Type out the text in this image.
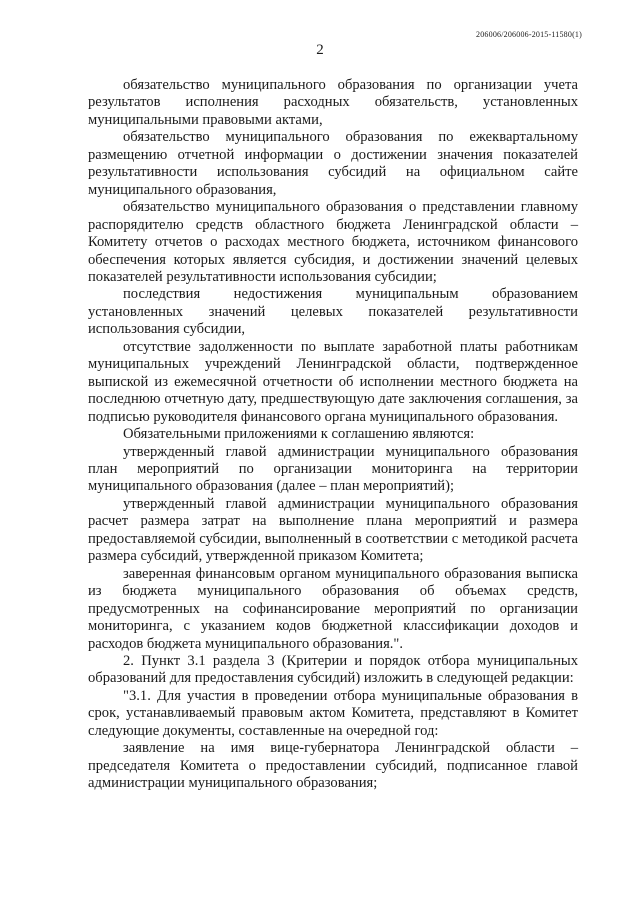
206006/206006-2015-11580(1)
2

обязательство муниципального образования по организации учета результатов исполнения расходных обязательств, установленных муниципальными правовыми актами,

обязательство муниципального образования по ежеквартальному размещению отчетной информации о достижении значения показателей результативности использования субсидий на официальном сайте муниципального образования,

обязательство муниципального образования о представлении главному распорядителю средств областного бюджета Ленинградской области – Комитету отчетов о расходах местного бюджета, источником финансового обеспечения которых является субсидия, и достижении значений целевых показателей результативности использования субсидии;

последствия недостижения муниципальным образованием установленных значений целевых показателей результативности использования субсидии,

отсутствие задолженности по выплате заработной платы работникам муниципальных учреждений Ленинградской области, подтвержденное выпиской из ежемесячной отчетности об исполнении местного бюджета на последнюю отчетную дату, предшествующую дате заключения соглашения, за подписью руководителя финансового органа муниципального образования.

Обязательными приложениями к соглашению являются:

утвержденный главой администрации муниципального образования план мероприятий по организации мониторинга на территории муниципального образования (далее – план мероприятий);

утвержденный главой администрации муниципального образования расчет размера затрат на выполнение плана мероприятий и размера предоставляемой субсидии, выполненный в соответствии с методикой расчета размера субсидий, утвержденной приказом Комитета;

заверенная финансовым органом муниципального образования выписка из бюджета муниципального образования об объемах средств, предусмотренных на софинансирование мероприятий по организации мониторинга, с указанием кодов бюджетной классификации доходов и расходов бюджета муниципального образования.".

2. Пункт 3.1 раздела 3 (Критерии и порядок отбора муниципальных образований для предоставления субсидий) изложить в следующей редакции:

"3.1. Для участия в проведении отбора муниципальные образования в срок, устанавливаемый правовым актом Комитета, представляют в Комитет следующие документы, составленные на очередной год:

заявление на имя вице-губернатора Ленинградской области – председателя Комитета о предоставлении субсидий, подписанное главой администрации муниципального образования;
